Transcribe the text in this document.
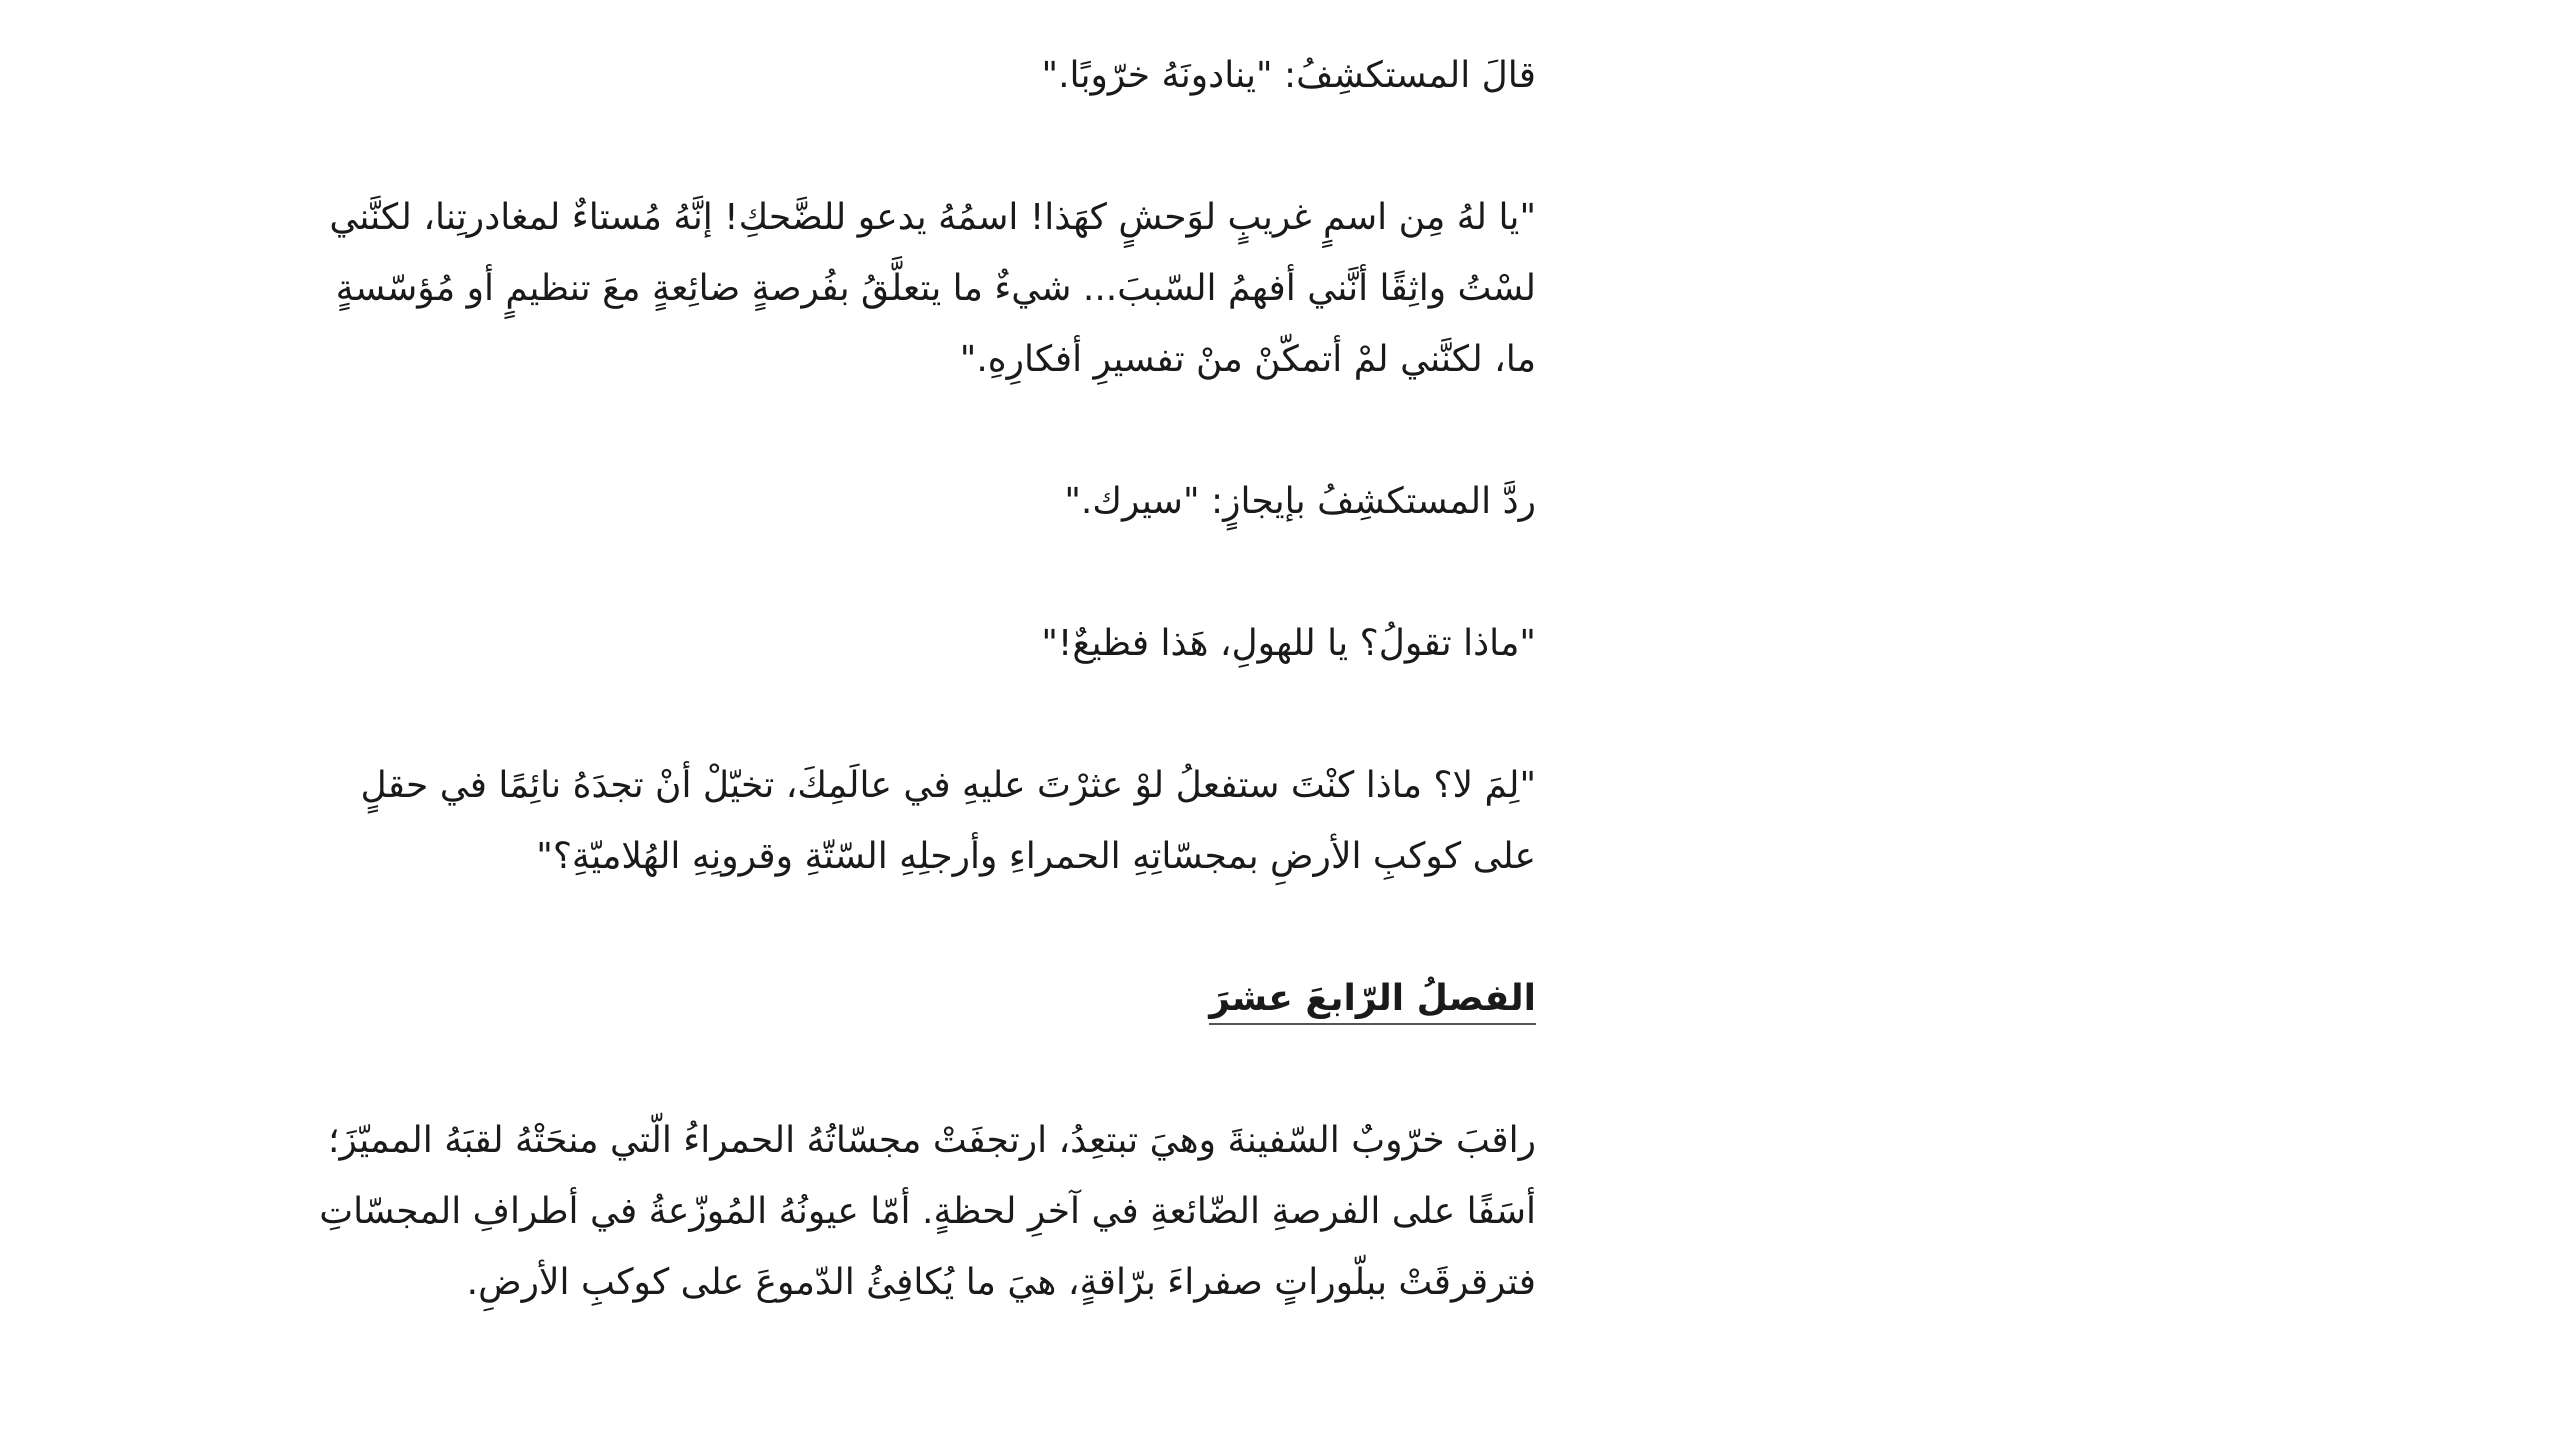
قالَ المستكشِفُ: "ينادونَهُ خرّوبًا."

"يا لهُ مِن اسمٍ غريبٍ لوَحشٍ كهَذا! اسمُهُ يدعو للضَّحكِ! إنَّهُ مُستاءٌ لمغادرتِنا، لكنَّني لسْتُ واثِقًا أنَّني أفهمُ السّببَ... شيءٌ ما يتعلَّقُ بفُرصةٍ ضائِعةٍ معَ تنظيمٍ أو مُؤسّسةٍ ما، لكنَّني لمْ أتمكّنْ منْ تفسيرِ أفكارِهِ."

ردَّ المستكشِفُ بإيجازٍ: "سيرك."

"ماذا تقولُ؟ يا للهولِ، هَذا فظيعٌ!"

"لِمَ لا؟ ماذا كنْتَ ستفعلُ لوْ عثرْتَ عليهِ في عالَمِكَ، تخيّلْ أنْ تجدَهُ نائِمًا في حقلٍ على كوكبِ الأرضِ بمجسّاتِهِ الحمراءِ وأرجلِهِ السّتّةِ وقرونِهِ الهُلاميّةِ؟"

الفصلُ الرّابعَ عشرَ

راقبَ خرّوبٌ السّفينةَ وهيَ تبتعِدُ، ارتجفَتْ مجسّاتُهُ الحمراءُ الّتي منحَتْهُ لقبَهُ المميّزَ؛ أسَفًا على الفرصةِ الضّائعةِ في آخرِ لحظةٍ. أمّا عيونُهُ المُوزّعةُ في أطرافِ المجسّاتِ فترقرقَتْ ببلّوراتٍ صفراءَ برّاقةٍ، هيَ ما يُكافِئُ الدّموعَ على كوكبِ الأرضِ.
